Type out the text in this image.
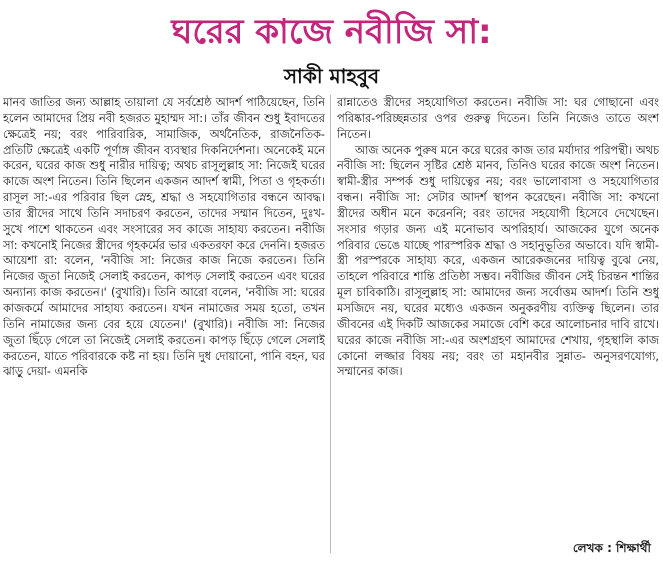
ঘরের কাজে নবীজি সা:
সাকী মাহবুব

মানব জাতির জন্য আল্লাহ তায়ালা যে সর্বশ্রেষ্ঠ আদর্শ পাঠিয়েছেন, তিনি হলেন আমাদের প্রিয় নবী হজরত মুহাম্মদ সা:। তাঁর জীবন শুধু ইবাদতের ক্ষেত্রেই নয়; বরং পারিবারিক, সামাজিক, অর্থনৈতিক, রাজনৈতিক- প্রতিটি ক্ষেত্রেই একটি পূর্ণাঙ্গ জীবন ব্যবস্থার দিকনির্দেশনা। অনেকেই মনে করেন, ঘরের কাজ শুধু নারীর দায়িত্ব; অথচ রাসূলুল্লাহ সা: নিজেই ঘরের কাজে অংশ নিতেন। তিনি ছিলেন একজন আদর্শ স্বামী, পিতা ও গৃহকর্তা। রাসূল সা:-এর পরিবার ছিল স্নেহ, শ্রদ্ধা ও সহযোগিতার বন্ধনে আবদ্ধ। তার স্ত্রীদের সাথে তিনি সদাচরণ করতেন, তাদের সম্মান দিতেন, দুঃখ-সুখে পাশে থাকতেন এবং সংসারের সব কাজে সাহায্য করতেন। নবীজি সা: কখনোই নিজের স্ত্রীদের গৃহকর্মের ভার একতরফা করে দেননি। হজরত আয়েশা রা: বলেন, 'নবীজি সা: নিজের কাজ নিজে করতেন। তিনি নিজের জুতা নিজেই সেলাই করতেন, কাপড় সেলাই করতেন এবং ঘরের অন্যান্য কাজ করতেন।' (বুখারি)। তিনি আরো বলেন, 'নবীজি সা: ঘরের কাজকর্মে আমাদের সাহায্য করতেন। যখন নামাজের সময় হতো, তখন তিনি নামাজের জন্য বের হয়ে যেতেন।' (বুখারি)। নবীজি সা: নিজের জুতা ছিঁড়ে গেলে তা নিজেই সেলাই করতেন। কাপড় ছিঁড়ে গেলে সেলাই করতেন, যাতে পরিবারকে কষ্ট না হয়। তিনি দুধ দোয়ানো, পানি বহন, ঘর ঝাড়ু দেয়া- এমনকি

রান্নাতেও স্ত্রীদের সহযোগিতা করতেন। নবীজি সা: ঘর গোছানো এবং পরিষ্কার-পরিচ্ছন্নতার ওপর গুরুত্ব দিতেন। তিনি নিজেও তাতে অংশ নিতেন।

আজ অনেক পুরুষ মনে করে ঘরের কাজ তার মর্যাদার পরিপন্থী। অথচ নবীজি সা: ছিলেন সৃষ্টির শ্রেষ্ঠ মানব, তিনিও ঘরের কাজে অংশ নিতেন। স্বামী-স্ত্রীর সম্পর্ক শুধু দায়িত্বের নয়; বরং ভালোবাসা ও সহযোগিতার বন্ধন। নবীজি সা: সেটার আদর্শ স্থাপন করেছেন। নবীজি সা: কখনো স্ত্রীদের অধীন মনে করেননি; বরং তাদের সহযোগী হিসেবে দেখেছেন। সংসার গড়ার জন্য এই মনোভাব অপরিহার্য। আজকের যুগে অনেক পরিবার ভেঙে যাচ্ছে পারস্পরিক শ্রদ্ধা ও সহানুভূতির অভাবে। যদি স্বামী-স্ত্রী পরস্পরকে সাহায্য করে, একজন আরেকজনের দায়িত্ব বুঝে নেয়, তাহলে পরিবারে শান্তি প্রতিষ্ঠা সম্ভব। নবীজির জীবন সেই চিরন্তন শান্তির মূল চাবিকাঠি। রাসূলুল্লাহ সা: আমাদের জন্য সর্বোত্তম আদর্শ। তিনি শুধু মসজিদে নয়, ঘরের মধ্যেও একজন অনুকরণীয় ব্যক্তিত্ব ছিলেন। তার জীবনের এই দিকটি আজকের সমাজে বেশি করে আলোচনার দাবি রাখে। ঘরের কাজে নবীজি সা:-এর অংশগ্রহণ আমাদের শেখায়, গৃহস্থালি কাজ কোনো লজ্জার বিষয় নয়; বরং তা মহানবীর সুন্নাত- অনুসরণযোগ্য, সম্মানের কাজ।

লেখক : শিক্ষার্থী
